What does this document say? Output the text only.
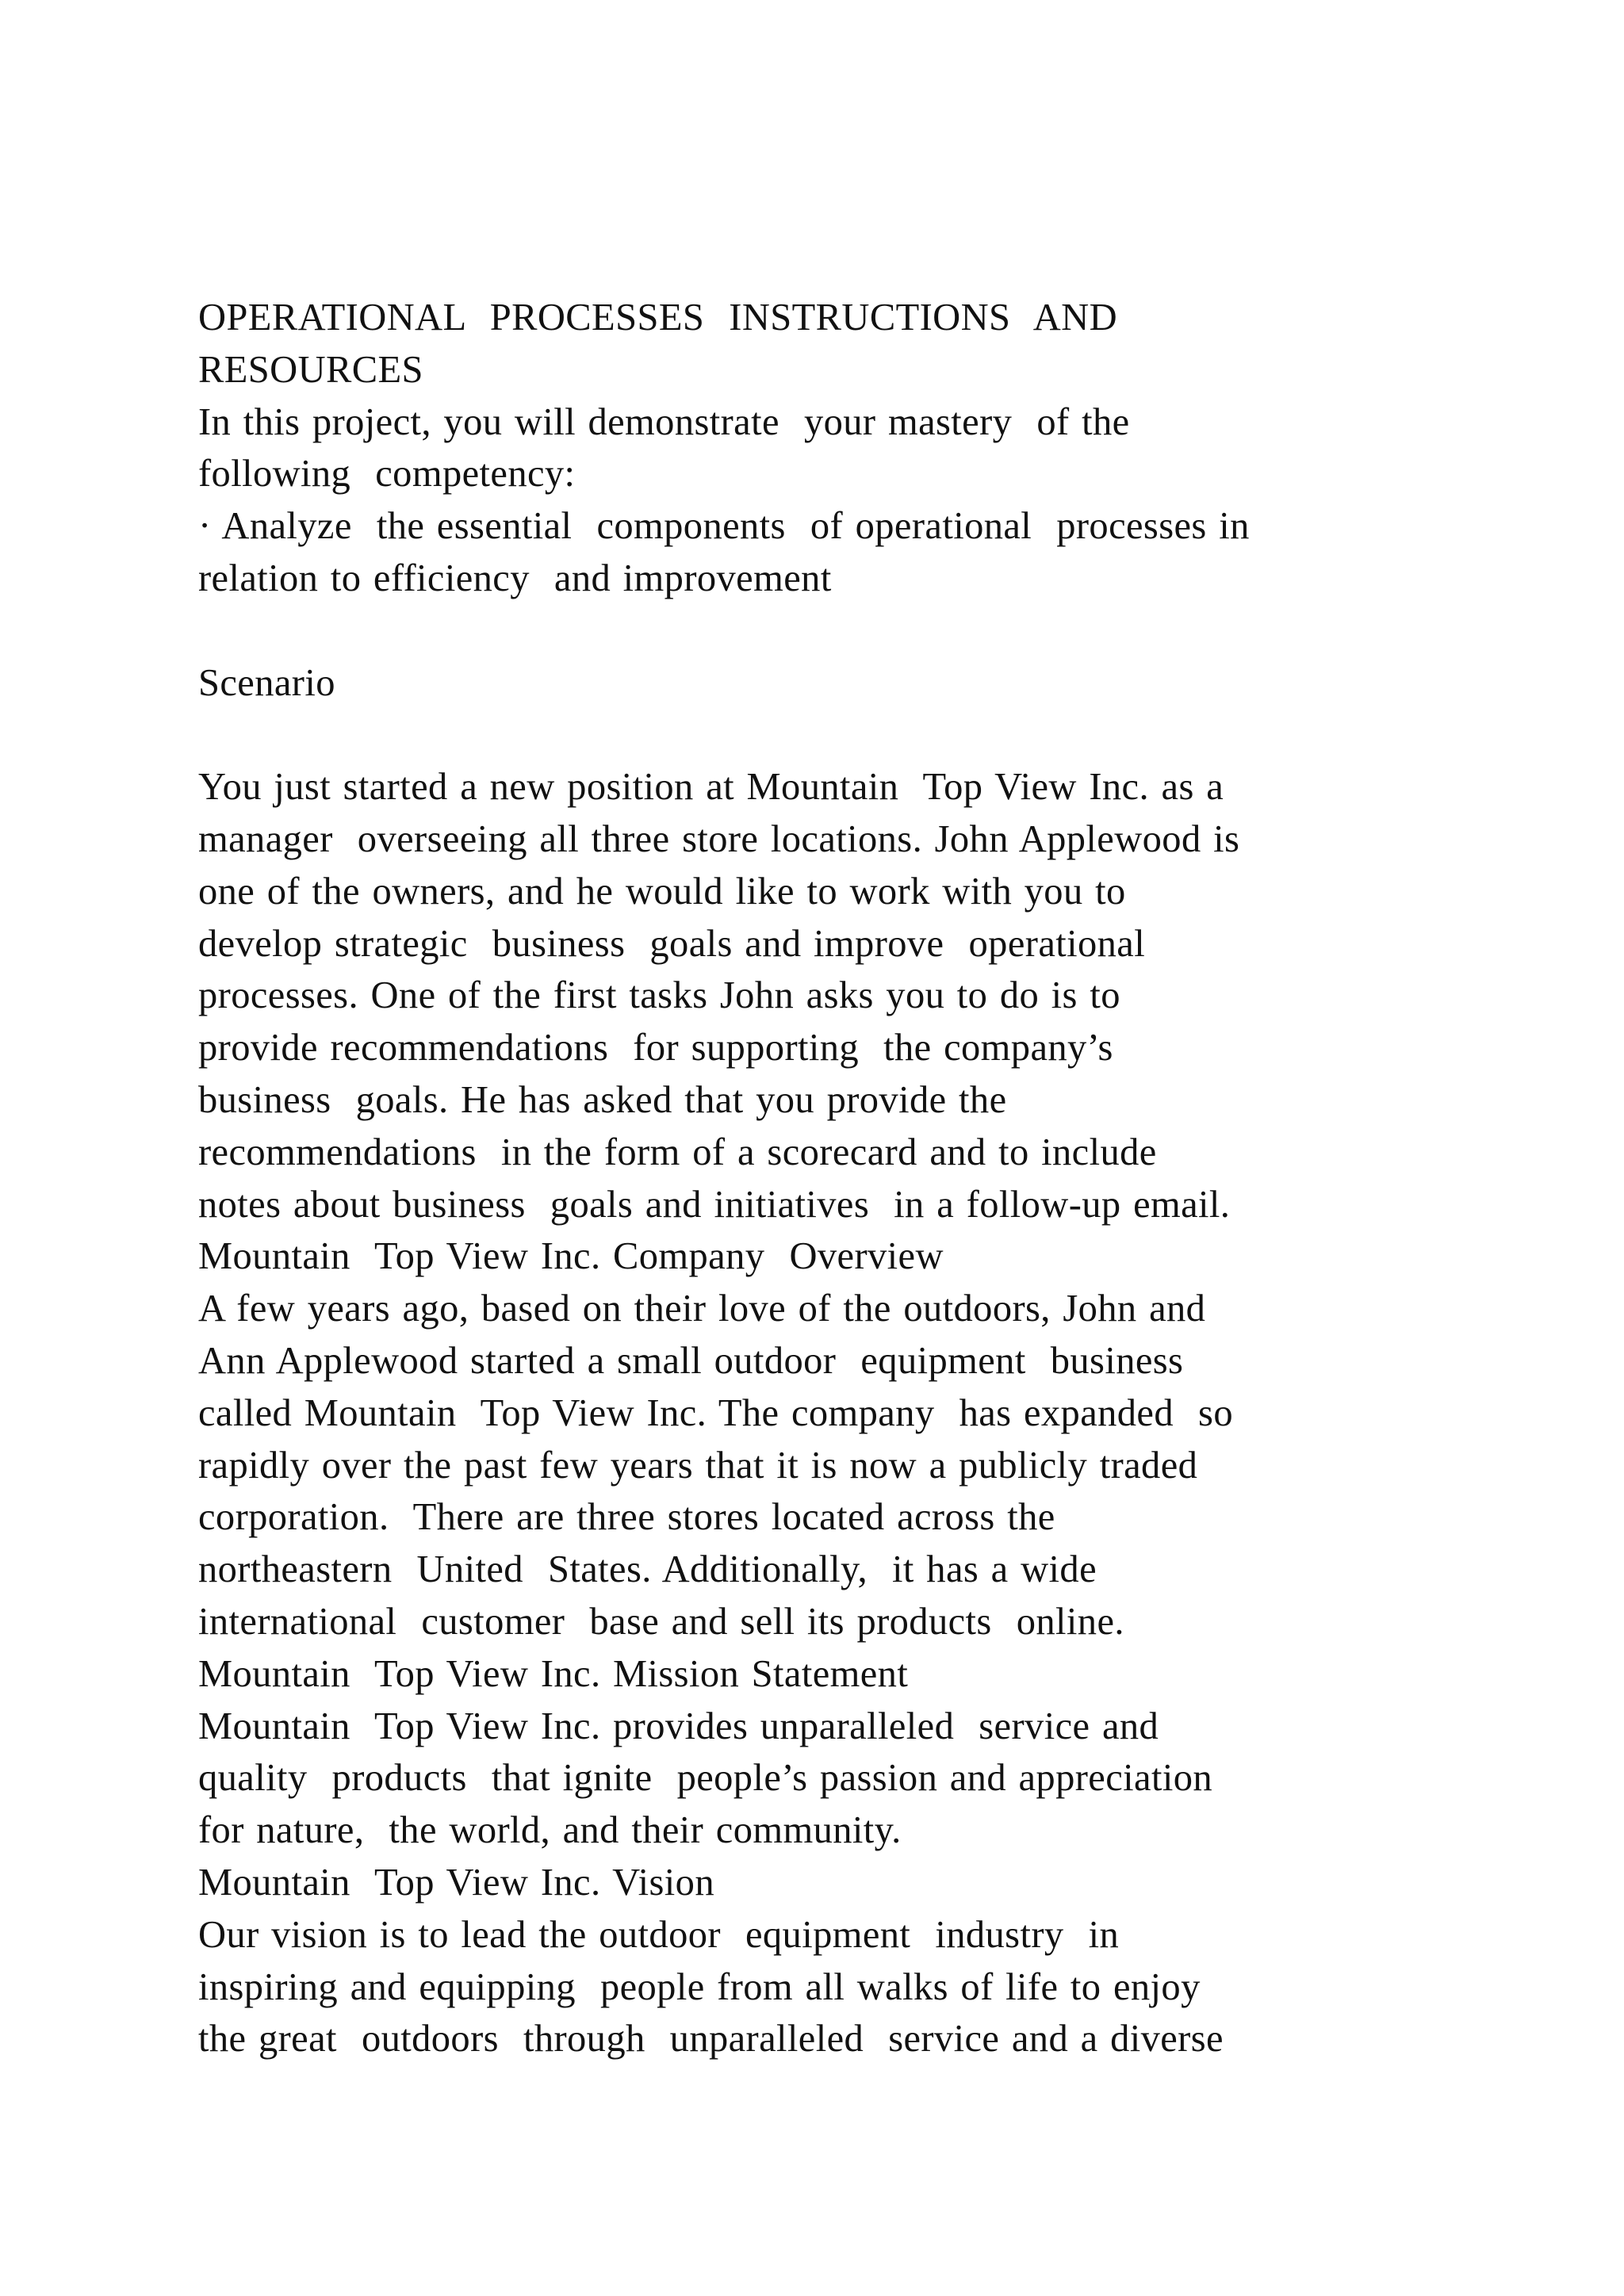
OPERATIONAL  PROCESSES  INSTRUCTIONS  AND
RESOURCES
In this project, you will demonstrate  your mastery  of the
following  competency:
· Analyze  the essential  components  of operational  processes in
relation to efficiency  and improvement
Scenario
You just started a new position at Mountain  Top View Inc. as a
manager  overseeing all three store locations. John Applewood is
one of the owners, and he would like to work with you to
develop strategic  business  goals and improve  operational
processes. One of the first tasks John asks you to do is to
provide recommendations  for supporting  the company’s
business  goals. He has asked that you provide the
recommendations  in the form of a scorecard and to include
notes about business  goals and initiatives  in a follow-up email.
Mountain  Top View Inc. Company  Overview
A few years ago, based on their love of the outdoors, John and
Ann Applewood started a small outdoor  equipment  business
called Mountain  Top View Inc. The company  has expanded  so
rapidly over the past few years that it is now a publicly traded
corporation.  There are three stores located across the
northeastern  United  States. Additionally,  it has a wide
international  customer  base and sell its products  online.
Mountain  Top View Inc. Mission Statement
Mountain  Top View Inc. provides unparalleled  service and
quality  products  that ignite  people’s passion and appreciation
for nature,  the world, and their community.
Mountain  Top View Inc. Vision
Our vision is to lead the outdoor  equipment  industry  in
inspiring and equipping  people from all walks of life to enjoy
the great  outdoors  through  unparalleled  service and a diverse
